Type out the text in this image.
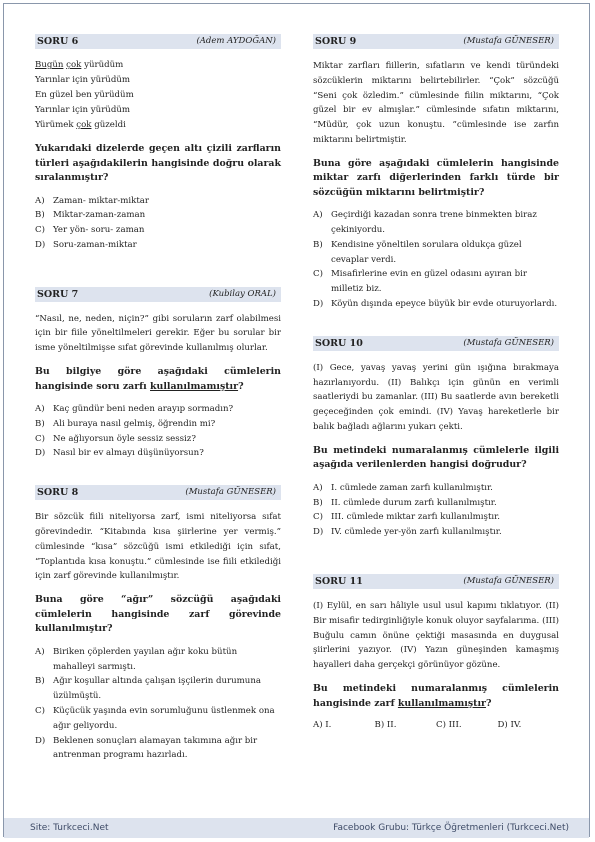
SORU 6	(Adem AYDOĞAN)
Bugün çok yürüdüm
Yarınlar için yürüdüm
En güzel ben yürüdüm
Yarınlar için yürüdüm
Yürümek çok güzeldi
Yukarıdaki dizelerde geçen altı çizili zarfların türleri aşağıdakilerin hangisinde doğru olarak sıralanmıştır?
A) Zaman- miktar-miktar
B) Miktar-zaman-zaman
C) Yer yön- soru- zaman
D) Soru-zaman-miktar
SORU 7	(Kubilay ORAL)
“Nasıl, ne, neden, niçin?” gibi soruların zarf olabilmesi için bir fiile yöneltilmeleri gerekir. Eğer bu sorular bir isme yöneltilmişse sıfat görevinde kullanılmış olurlar.
Bu bilgiye göre aşağıdaki cümlelerin hangisinde soru zarfı kullanılmamıştır?
A) Kaç gündür beni neden arayıp sormadın?
B) Ali buraya nasıl gelmiş, öğrendin mi?
C) Ne ağlıyorsun öyle sessiz sessiz?
D) Nasıl bir ev almayı düşünüyorsun?
SORU 8	(Mustafa GÜNESER)
Bir sözcük fiili niteliyorsa zarf, ismi niteliyorsa sıfat görevindedir. “Kitabında kısa şiirlerine yer vermiş.” cümlesinde “kısa” sözcüğü ismi etkilediği için sıfat, “Toplantıda kısa konuştu.” cümlesinde ise fiili etkilediği için zarf görevinde kullanılmıştır.
Buna göre “ağır” sözcüğü aşağıdaki cümlelerin hangisinde zarf görevinde kullanılmıştır?
A) Biriken çöplerden yayılan ağır koku bütün mahalleyi sarmıştı.
B) Ağır koşullar altında çalışan işçilerin durumuna üzülmüştü.
C) Küçücük yaşında evin sorumluğunu üstlenmek ona ağır geliyordu.
D) Beklenen sonuçları alamayan takımına ağır bir antrenman programı hazırladı.
SORU 9	(Mustafa GÜNESER)
Miktar zarfları fiillerin, sıfatların ve kendi türündeki sözcüklerin miktarını belirtebilirler. “Çok” sözcüğü “Seni çok özledim.” cümlesinde fiilin miktarını, “Çok güzel bir ev almışlar.” cümlesinde sıfatın miktarını, “Müdür, çok uzun konuştu. ”cümlesinde ise zarfın miktarını belirtmiştir.
Buna göre aşağıdaki cümlelerin hangisinde miktar zarfı diğerlerinden farklı türde bir sözcüğün miktarını belirtmiştir?
A) Geçirdiği kazadan sonra trene binmekten biraz çekiniyordu.
B) Kendisine yöneltilen sorulara oldukça güzel cevaplar verdi.
C) Misafirlerine evin en güzel odasını ayıran bir milletiz biz.
D) Köyün dışında epeyce büyük bir evde oturuyorlardı.
SORU 10	(Mustafa GÜNESER)
(I) Gece, yavaş yavaş yerini gün ışığına bırakmaya hazırlanıyordu. (II) Balıkçı için günün en verimli saatleriydi bu zamanlar. (III) Bu saatlerde avın bereketli geçeceğinden çok emindi. (IV) Yavaş hareketlerle bir balık bağladı ağlarını yukarı çekti.
Bu metindeki numaralanmış cümlelerle ilgili aşağıda verilenlerden hangisi doğrudur?
A) I. cümlede zaman zarfı kullanılmıştır.
B) II. cümlede durum zarfı kullanılmıştır.
C) III. cümlede miktar zarfı kullanılmıştır.
D) IV. cümlede yer-yön zarfı kullanılmıştır.
SORU 11	(Mustafa GÜNESER)
(I) Eylül, en sarı hâliyle usul usul kapımı tıklatıyor. (II) Bir misafir tedirginliğiyle konuk oluyor sayfalarıma. (III) Buğulu camın önüne çektiği masasında en duygusal şiirlerini yazıyor. (IV) Yazın güneşinden kamaşmış hayalleri daha gerçekçi görünüyor gözüne.
Bu metindeki numaralanmış cümlelerin hangisinde zarf kullanılmamıştır?
A) I.	B) II.	C) III.	D) IV.
Site: Turkceci.Net	Facebook Grubu: Türkçe Öğretmenleri (Turkceci.Net)
